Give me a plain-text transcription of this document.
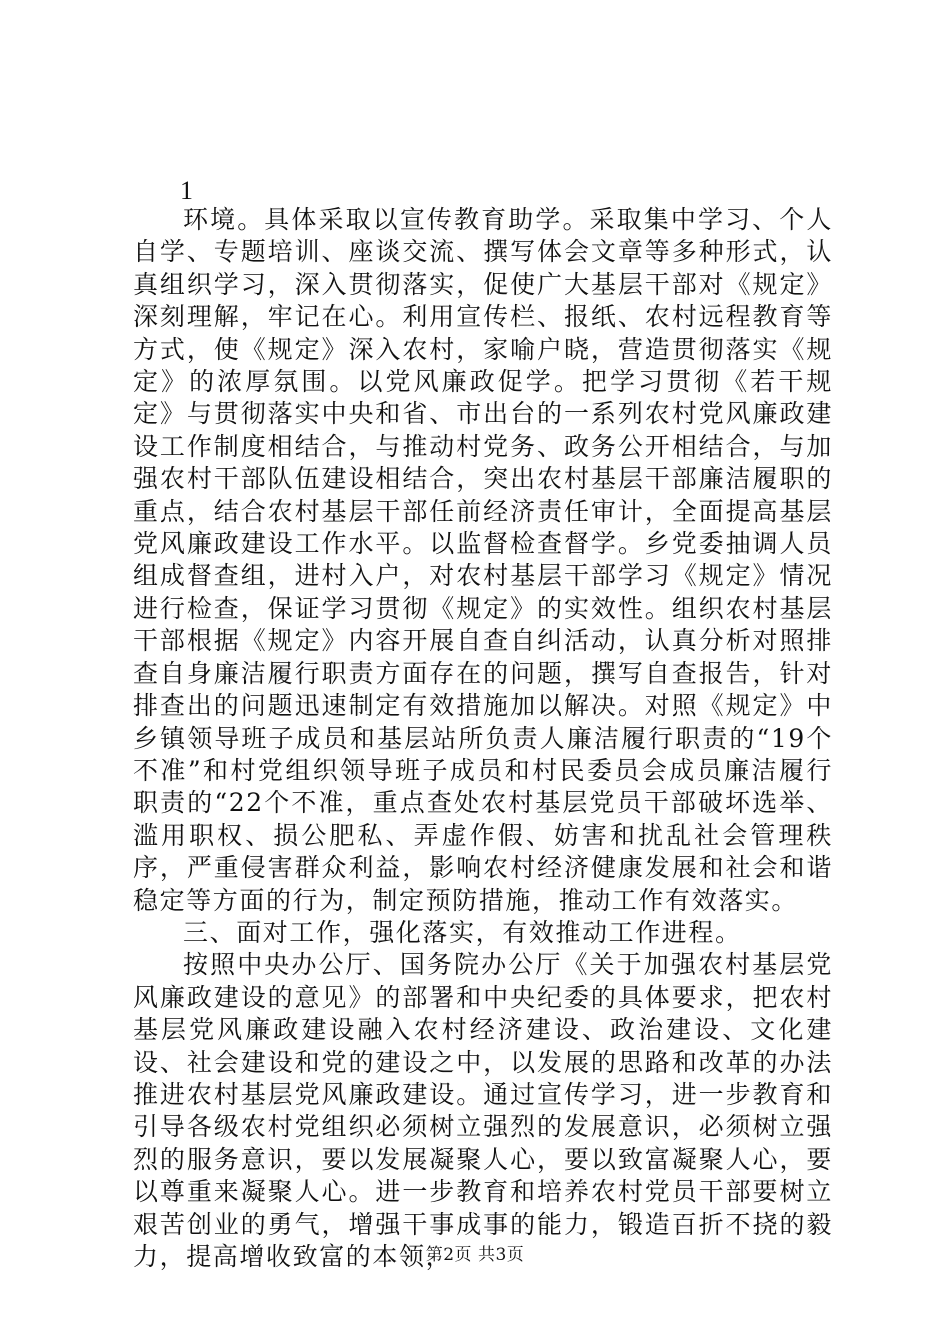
1

环境。具体采取以宣传教育助学。采取集中学习、个人自学、专题培训、座谈交流、撰写体会文章等多种形式，认真组织学习，深入贯彻落实，促使广大基层干部对《规定》深刻理解，牢记在心。利用宣传栏、报纸、农村远程教育等方式，使《规定》深入农村，家喻户晓，营造贯彻落实《规定》的浓厚氛围。以党风廉政促学。把学习贯彻《若干规定》与贯彻落实中央和省、市出台的一系列农村党风廉政建设工作制度相结合，与推动村党务、政务公开相结合，与加强农村干部队伍建设相结合，突出农村基层干部廉洁履职的重点，结合农村基层干部任前经济责任审计，全面提高基层党风廉政建设工作水平。以监督检查督学。乡党委抽调人员组成督查组，进村入户，对农村基层干部学习《规定》情况进行检查，保证学习贯彻《规定》的实效性。组织农村基层干部根据《规定》内容开展自查自纠活动，认真分析对照排查自身廉洁履行职责方面存在的问题，撰写自查报告，针对排查出的问题迅速制定有效措施加以解决。对照《规定》中乡镇领导班子成员和基层站所负责人廉洁履行职责的“19个不准”和村党组织领导班子成员和村民委员会成员廉洁履行职责的“22个不准，重点查处农村基层党员干部破坏选举、滥用职权、损公肥私、弄虚作假、妨害和扰乱社会管理秩序，严重侵害群众利益，影响农村经济健康发展和社会和谐稳定等方面的行为，制定预防措施，推动工作有效落实。

三、面对工作，强化落实，有效推动工作进程。

按照中央办公厅、国务院办公厅《关于加强农村基层党风廉政建设的意见》的部署和中央纪委的具体要求，把农村基层党风廉政建设融入农村经济建设、政治建设、文化建设、社会建设和党的建设之中，以发展的思路和改革的办法推进农村基层党风廉政建设。通过宣传学习，进一步教育和引导各级农村党组织必须树立强烈的发展意识，必须树立强烈的服务意识，要以发展凝聚人心，要以致富凝聚人心，要以尊重来凝聚人心。进一步教育和培养农村党员干部要树立艰苦创业的勇气，增强干事成事的能力，锻造百折不挠的毅力，提高增收致富的本领，

第2页 共3页
